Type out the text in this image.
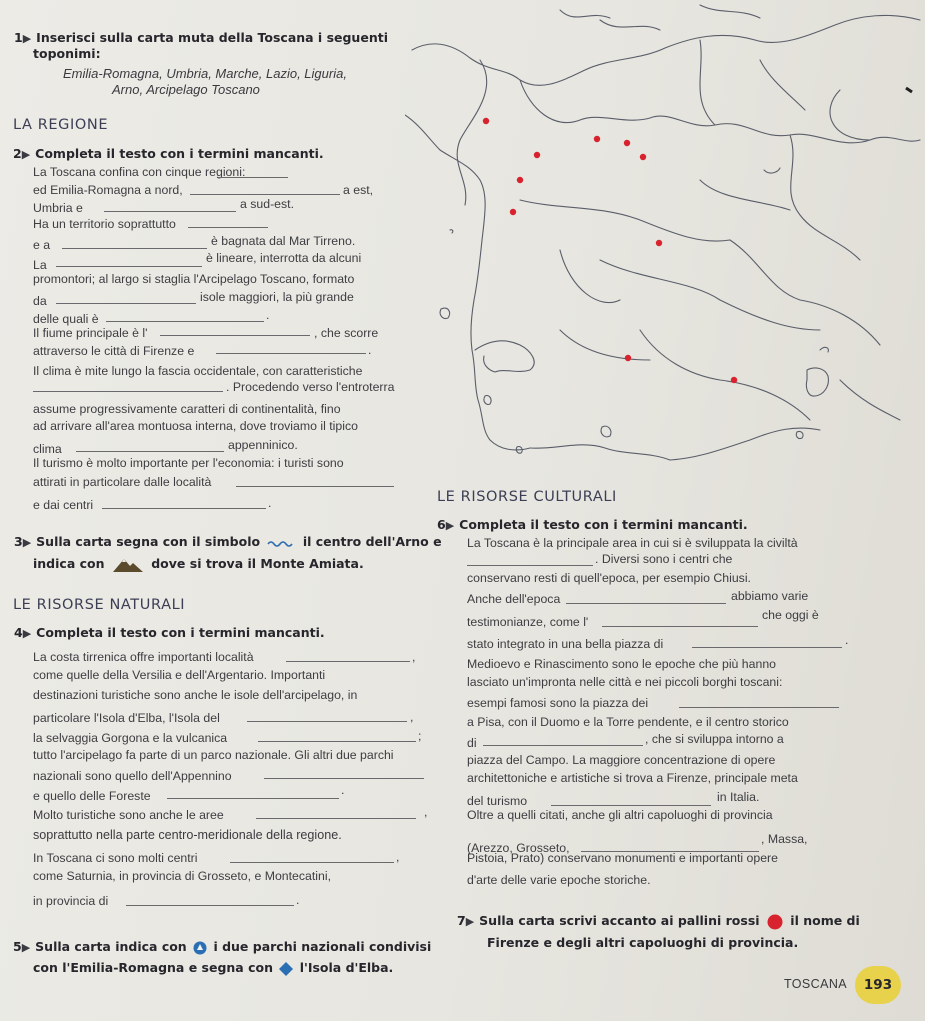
1▶ Inserisci sulla carta muta della Toscana i seguenti
toponimi:
Emilia-Romagna, Umbria, Marche, Lazio, Liguria,
Arno, Arcipelago Toscano
LA REGIONE
2▶ Completa il testo con i termini mancanti.
La Toscana confina con cinque regioni:
ed Emilia-Romagna a nord,	a est,
Umbria e	a sud-est.
Ha un territorio soprattutto
e a	è bagnata dal Mar Tirreno.
La	è lineare, interrotta da alcuni
promontori; al largo si staglia l'Arcipelago Toscano, formato
da	isole maggiori, la più grande
delle quali è	.
Il fiume principale è l'	, che scorre
attraverso le città di Firenze e	.
Il clima è mite lungo la fascia occidentale, con caratteristiche
. Procedendo verso l'entroterra
assume progressivamente caratteri di continentalità, fino
ad arrivare all'area montuosa interna, dove troviamo il tipico
clima	appenninico.
Il turismo è molto importante per l'economia: i turisti sono
attirati in particolare dalle località
e dai centri	.
3▶ Sulla carta segna con il simbolo	il centro dell'Arno e
indica con	dove si trova il Monte Amiata.
LE RISORSE NATURALI
4▶ Completa il testo con i termini mancanti.
La costa tirrenica offre importanti località	,
come quelle della Versilia e dell'Argentario. Importanti
destinazioni turistiche sono anche le isole dell'arcipelago, in
particolare l'Isola d'Elba, l'Isola del	,
la selvaggia Gorgona e la vulcanica	;
tutto l'arcipelago fa parte di un parco nazionale. Gli altri due parchi
nazionali sono quello dell'Appennino
e quello delle Foreste	.
Molto turistiche sono anche le aree	,
soprattutto nella parte centro-meridionale della regione.
In Toscana ci sono molti centri	,
come Saturnia, in provincia di Grosseto, e Montecatini,
in provincia di	.
5▶ Sulla carta indica con i due parchi nazionali condivisi
con l'Emilia-Romagna e segna con l'Isola d'Elba.
LE RISORSE CULTURALI
6▶ Completa il testo con i termini mancanti.
La Toscana è la principale area in cui si è sviluppata la civiltà
. Diversi sono i centri che
conservano resti di quell'epoca, per esempio Chiusi.
Anche dell'epoca	abbiamo varie
testimonianze, come l'	che oggi è
stato integrato in una bella piazza di	.
Medioevo e Rinascimento sono le epoche che più hanno
lasciato un'impronta nelle città e nei piccoli borghi toscani:
esempi famosi sono la piazza dei
a Pisa, con il Duomo e la Torre pendente, e il centro storico
di	, che si sviluppa intorno a
piazza del Campo. La maggiore concentrazione di opere
architettoniche e artistiche si trova a Firenze, principale meta
del turismo	in Italia.
Oltre a quelli citati, anche gli altri capoluoghi di provincia
(Arezzo, Grosseto,
, Massa,
Pistoia, Prato) conservano monumenti e importanti opere
d'arte delle varie epoche storiche.
7▶ Sulla carta scrivi accanto ai pallini rossi il nome di
Firenze e degli altri capoluoghi di provincia.
TOSCANA	193
